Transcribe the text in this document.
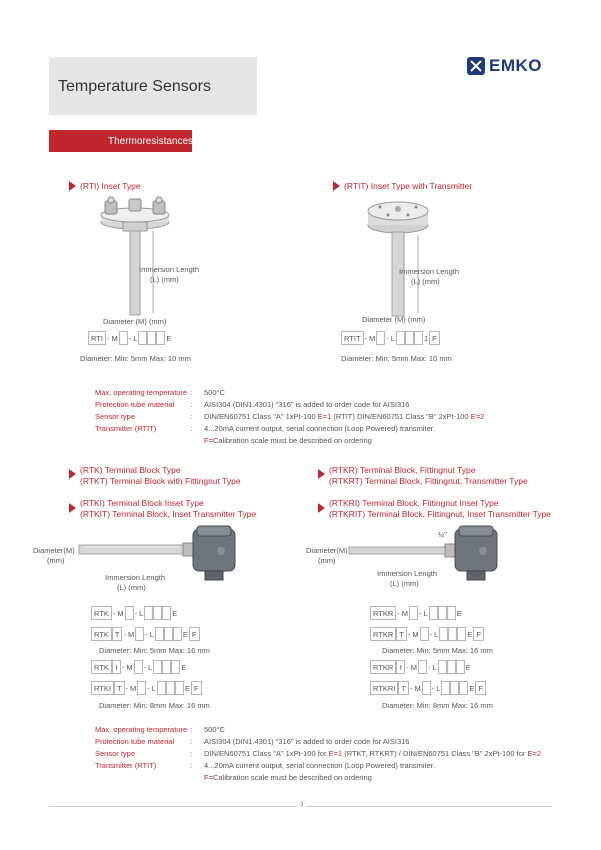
Temperature Sensors
Thermoresistances
EMKO
(RTI) Inset Type
Immersion Length
(L) (mm)
Diameter (M) (mm)
RTI - M - L	E
Diameter: Min: 5mm Max: 10 mm
(RTIT) Inset Type with Transmitter
Immersion Length
(L) (mm)
Diameter (M) (mm)
RTIT - M - L	1 F
Diameter: Min: 5mm Max: 10 mm
Max. operating temperature :	500°C
Protection tube material	:	AISI304 (DIN1.4301) "316" is added to order code for AISI316
Sensor type	:	DIN/EN60751 Class "A" 1xPt-100 E=1 (RTIT) DIN/EN60751 Class "B" 2xPt-100 E=2
Transmitter (RTIT)	:	4...20mA current output, serial connection (Loop Powered) transmiter.
F=Calibration scale must be described on ordering
(RTK) Terminal Block Type
(RTKT) Terminal Block with Fittingnut Type
(RTKI) Terminal Block Inset Type
(RTKIT) Terminal Block, Inset Transmitter Type
Diameter(M)
(mm)
Immersion Length
(L) (mm)
RTK - M - L	E
RTK T - M - L	E F
Diameter: Min: 5mm Max: 16 mm
RTK I - M - L	E
RTKI T - M - L	E F
Diameter: Min: 8mm Max: 16 mm
(RTKR) Terminal Block, Fittingnut Type
(RTKRT) Terminal Block, Fittingnut, Transmitter Type
(RTKRI) Terminal Block, Fittingnut Inset Type
(RTKRIT) Terminal Block, Fittingnut, Inset Transmitter Type
½"
Diameter(M)
(mm)
Immersion Length
(L) (mm)
RTKR - M - L	E
RTKR T - M - L	E F
Diameter: Min: 5mm Max: 16 mm
RTKR I - M - L	E
RTKRI T - M - L	E F
Diameter: Min: 8mm Max: 16 mm
Max. operating temperature :	500°C
Protection tube material	:	AISI304 (DIN1.4301) "316" is added to order code for AISI316
Sensor type	:	DIN/EN60751 Class "A" 1xPt-100 for E=1 (RTKT, RTKRT) / DIN/EN60751 Class "B" 2xPt-100 for E=2
Transmitter (RTIT)	:	4...20mA current output, serial connection (Loop Powered) transmiter.
F=Calibration scale must be described on ordering
3
